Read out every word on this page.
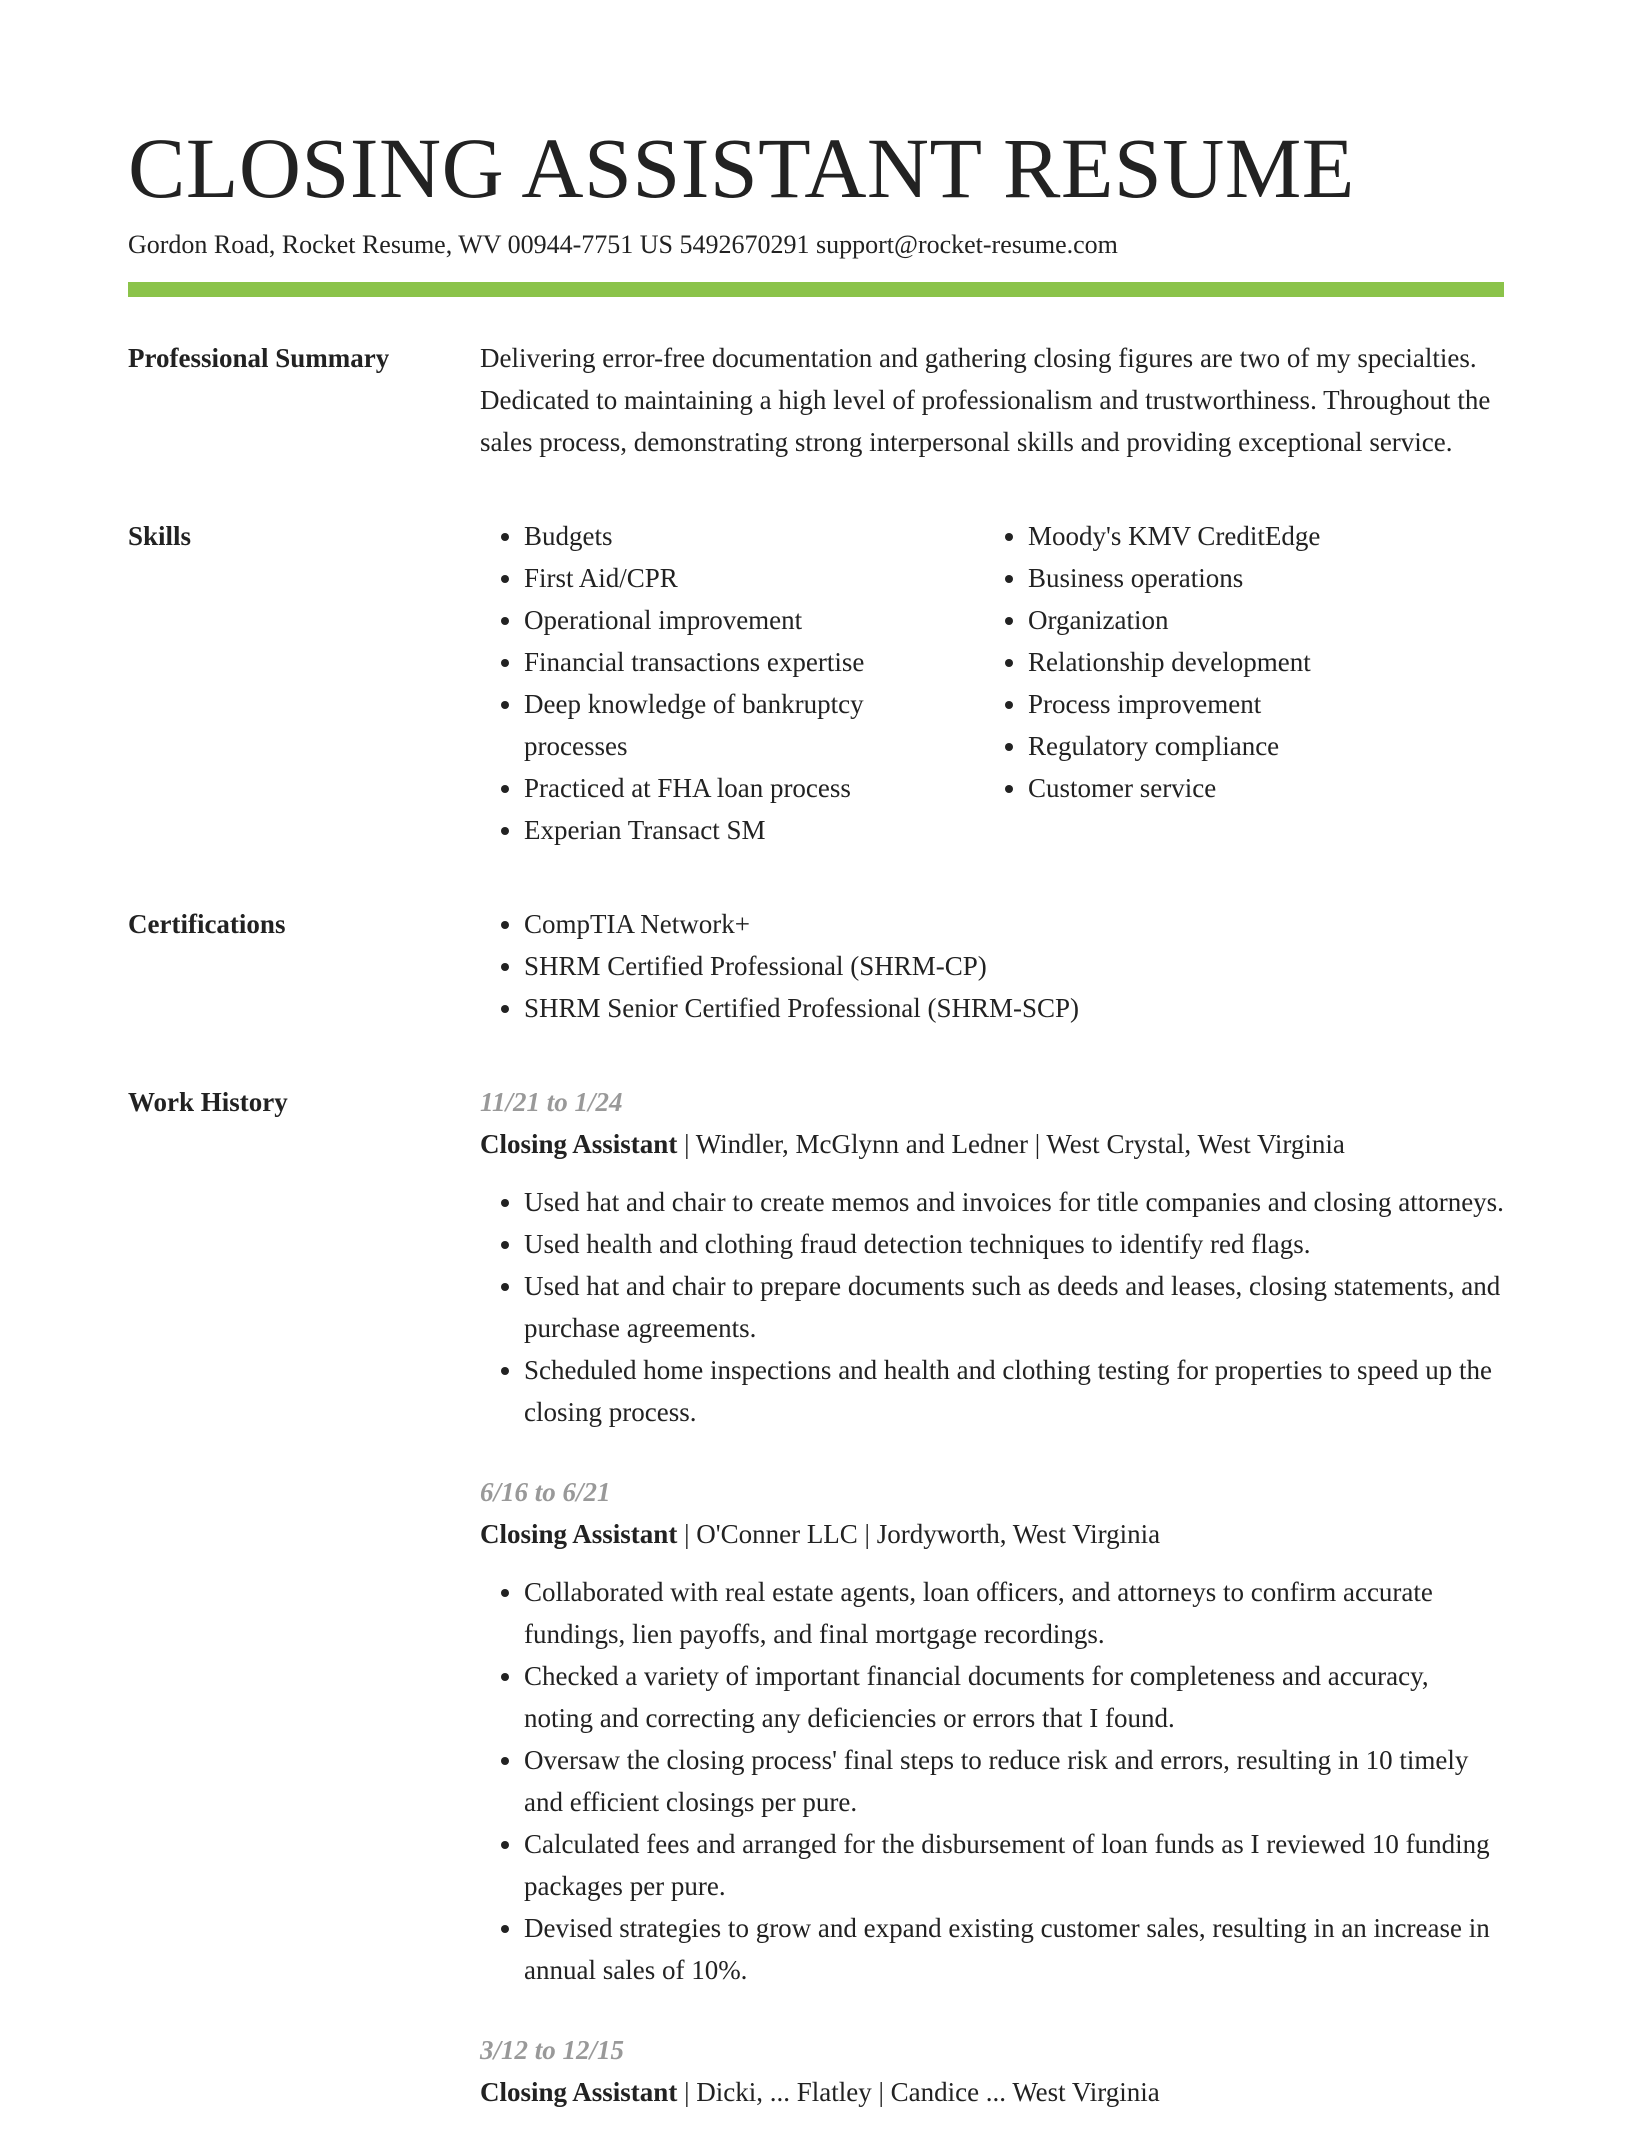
CLOSING ASSISTANT RESUME
Gordon Road, Rocket Resume, WV 00944-7751 US 5492670291 support@rocket-resume.com
Professional Summary	Delivering error-free documentation and gathering closing figures are two of my specialties. Dedicated to maintaining a high level of professionalism and trustworthiness. Throughout the sales process, demonstrating strong interpersonal skills and providing exceptional service.
Skills	• Budgets
• First Aid/CPR
• Operational improvement
• Financial transactions expertise
• Deep knowledge of bankruptcy processes
• Practiced at FHA loan process
• Experian Transact SM
• Moody's KMV CreditEdge
• Business operations
• Organization
• Relationship development
• Process improvement
• Regulatory compliance
• Customer service
Certifications	• CompTIA Network+
• SHRM Certified Professional (SHRM-CP)
• SHRM Senior Certified Professional (SHRM-SCP)
Work History	11/21 to 1/24
Closing Assistant | Windler, McGlynn and Ledner | West Crystal, West Virginia
• Used hat and chair to create memos and invoices for title companies and closing attorneys.
• Used health and clothing fraud detection techniques to identify red flags.
• Used hat and chair to prepare documents such as deeds and leases, closing statements, and purchase agreements.
• Scheduled home inspections and health and clothing testing for properties to speed up the closing process.
6/16 to 6/21
Closing Assistant | O'Conner LLC | Jordyworth, West Virginia
• Collaborated with real estate agents, loan officers, and attorneys to confirm accurate fundings, lien payoffs, and final mortgage recordings.
• Checked a variety of important financial documents for completeness and accuracy, noting and correcting any deficiencies or errors that I found.
• Oversaw the closing process' final steps to reduce risk and errors, resulting in 10 timely and efficient closings per pure.
• Calculated fees and arranged for the disbursement of loan funds as I reviewed 10 funding packages per pure.
• Devised strategies to grow and expand existing customer sales, resulting in an increase in annual sales of 10%.
3/12 to 12/15
Closing Assistant | Dicki, ... Flatley | Candice ... West Virginia
